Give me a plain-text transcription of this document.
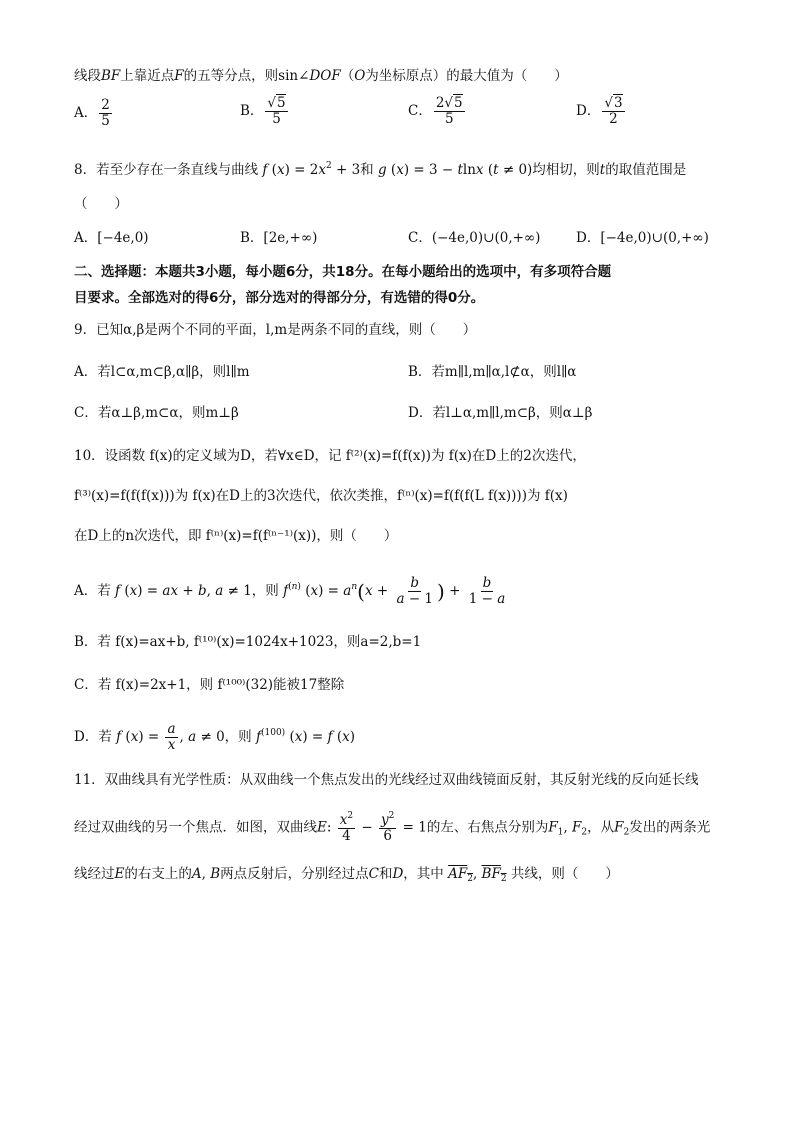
线段BF上靠近点F的五等分点，则sin∠DOF（O为坐标原点）的最大值为（　　）
A． $\frac{2}{5}$	B． $\frac{√5}{5}$	C． $\frac{2√5}{5}$	D． $\frac{√3}{2}$
8．若至少存在一条直线与曲线 f $(x) = 2x^2 + 3$和 g (x) = 3 − tlnx (t ≠ 0)均相切，则t的取值范围是
（　　）
A．[−4e,0)	B．[2e,+∞)	C．(−4e,0)∪(0,+∞)	D．[−4e,0)∪(0,+∞)
二、选择题：本题共3小题，每小题6分，共18分。在每小题给出的选项中，有多项符合题
目要求。全部选对的得6分，部分选对的得部分分，有选错的得0分。
9．已知α,β是两个不同的平面，l,m是两条不同的直线，则（　　）
A．若l⊂α,m⊂β,α∥β，则l∥m	B．若m∥l,m∥α,l⊄α，则l∥α
C．若α⊥β,m⊂α，则m⊥β	D．若l⊥α,m∥l,m⊂β，则α⊥β
10．设函数 f(x)的定义域为D，若∀x∈D，记 f⁽²⁾(x)=f(f(x))为 f(x)在D上的2次迭代，
f⁽³⁾(x)=f(f(f(x)))为 f(x)在D上的3次迭代，依次类推，f⁽ⁿ⁾(x)=f(f(f(L f(x))))为 f(x)
在D上的n次迭代，即 f⁽ⁿ⁾(x)=f(f⁽ⁿ⁻¹⁾(x))，则（　　）
A．若 f (x) = ax + b, a ≠ 1，则 $f^{(n)}$ $(x) = a^n(x + \frac{b}{a - 1}$ ) + $\frac{b}{1 - a}$
B．若 f(x)=ax+b, f⁽¹⁰⁾(x)=1024x+1023，则a=2,b=1
C．若 f(x)=2x+1，则 f⁽¹⁰⁰⁾(32)能被17整除
D．若 f $(x) = \frac{a}{x}$ , a ≠ 0，则 $f^{(100)}$ (x) = f (x)
11．双曲线具有光学性质：从双曲线一个焦点发出的光线经过双曲线镜面反射，其反射光线的反向延长线
经过双曲线的另一个焦点．如图，双曲线E: $\frac{x^2}{4} - \frac{y^2}{6} = 1$的左、右焦点分别为$F_1$, $F_2$，从$F_2$发出的两条光
线经过E的右支上的A, B两点反射后，分别经过点C和D，其中 $AF_2$, $BF_2$ 共线，则（　　）
